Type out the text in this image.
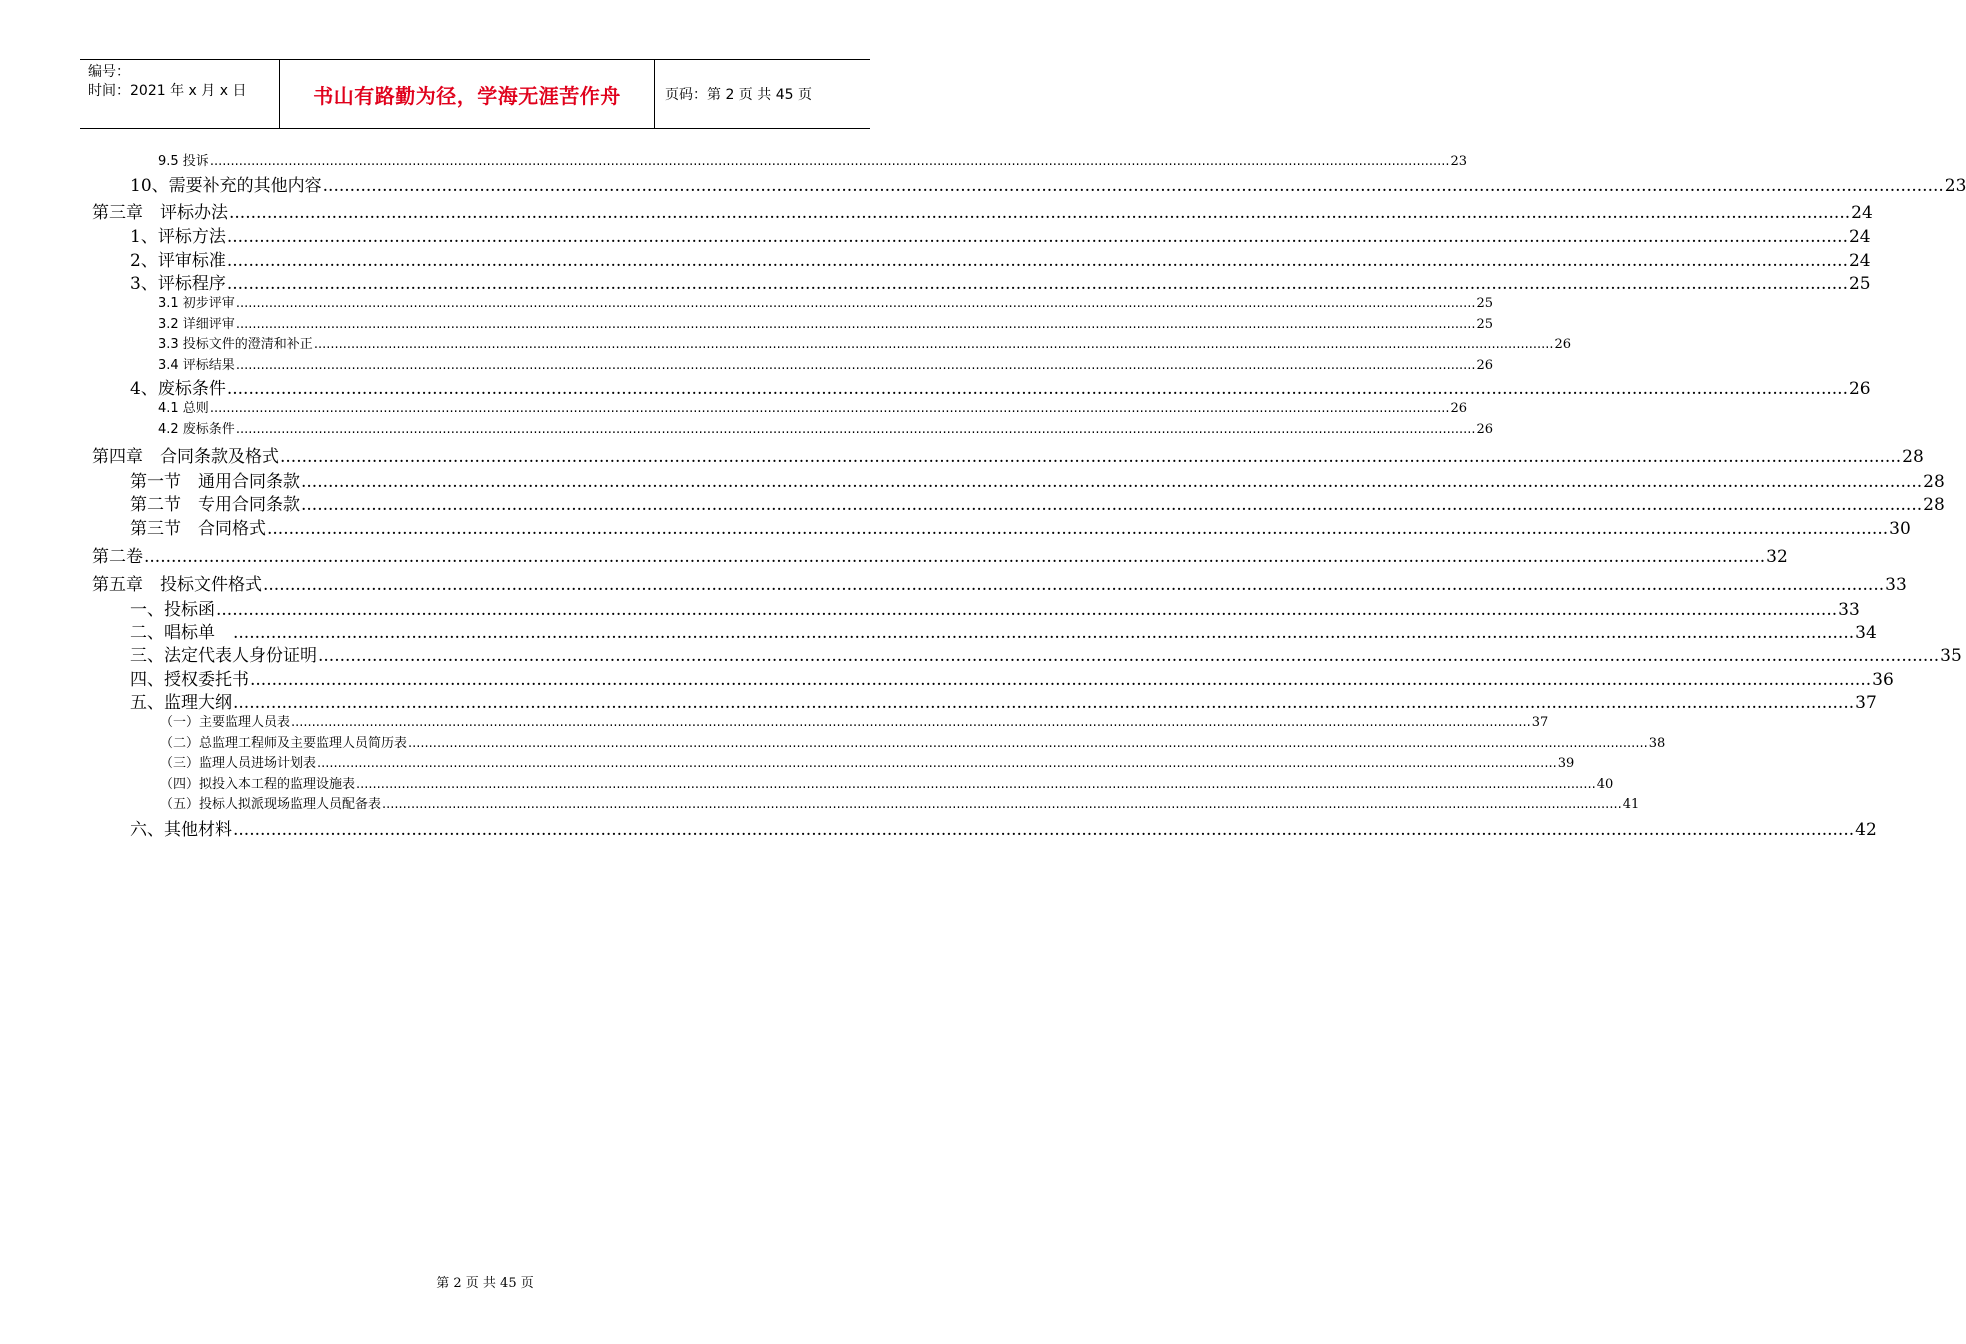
编号：
时间：2021 年 x 月 x 日	书山有路勤为径，学海无涯苦作舟	页码：第 2 页 共 45 页
9.5 投诉 ............................................................................................................................................................................................................................................................................................................ 23
10、需要补充的其他内容 ............................................................................................................................................................................................................................................................................................................ 23
第三章　评标办法 ............................................................................................................................................................................................................................................................................................................ 24
1、评标方法 ............................................................................................................................................................................................................................................................................................................ 24
2、评审标准 ............................................................................................................................................................................................................................................................................................................ 24
3、评标程序 ............................................................................................................................................................................................................................................................................................................ 25
3.1 初步评审 ............................................................................................................................................................................................................................................................................................................ 25
3.2 详细评审 ............................................................................................................................................................................................................................................................................................................ 25
3.3 投标文件的澄清和补正 ............................................................................................................................................................................................................................................................................................................ 26
3.4 评标结果 ............................................................................................................................................................................................................................................................................................................ 26
4、废标条件 ............................................................................................................................................................................................................................................................................................................ 26
4.1 总则 ............................................................................................................................................................................................................................................................................................................ 26
4.2 废标条件 ............................................................................................................................................................................................................................................................................................................ 26
第四章　合同条款及格式 ............................................................................................................................................................................................................................................................................................................ 28
第一节　通用合同条款 ............................................................................................................................................................................................................................................................................................................ 28
第二节　专用合同条款 ............................................................................................................................................................................................................................................................................................................ 28
第三节　合同格式 ............................................................................................................................................................................................................................................................................................................ 30
第二卷 ............................................................................................................................................................................................................................................................................................................ 32
第五章　投标文件格式 ............................................................................................................................................................................................................................................................................................................ 33
一、投标函 ............................................................................................................................................................................................................................................................................................................ 33
二、唱标单　 ............................................................................................................................................................................................................................................................................................................ 34
三、法定代表人身份证明 ............................................................................................................................................................................................................................................................................................................ 35
四、授权委托书 ............................................................................................................................................................................................................................................................................................................ 36
五、监理大纲 ............................................................................................................................................................................................................................................................................................................ 37
（一）主要监理人员表 ............................................................................................................................................................................................................................................................................................................ 37
（二）总监理工程师及主要监理人员简历表 ............................................................................................................................................................................................................................................................................................................ 38
（三）监理人员进场计划表 ............................................................................................................................................................................................................................................................................................................ 39
（四）拟投入本工程的监理设施表 ............................................................................................................................................................................................................................................................................................................ 40
（五）投标人拟派现场监理人员配备表 ............................................................................................................................................................................................................................................................................................................ 41
六、其他材料 ............................................................................................................................................................................................................................................................................................................ 42
第 2 页 共 45 页
